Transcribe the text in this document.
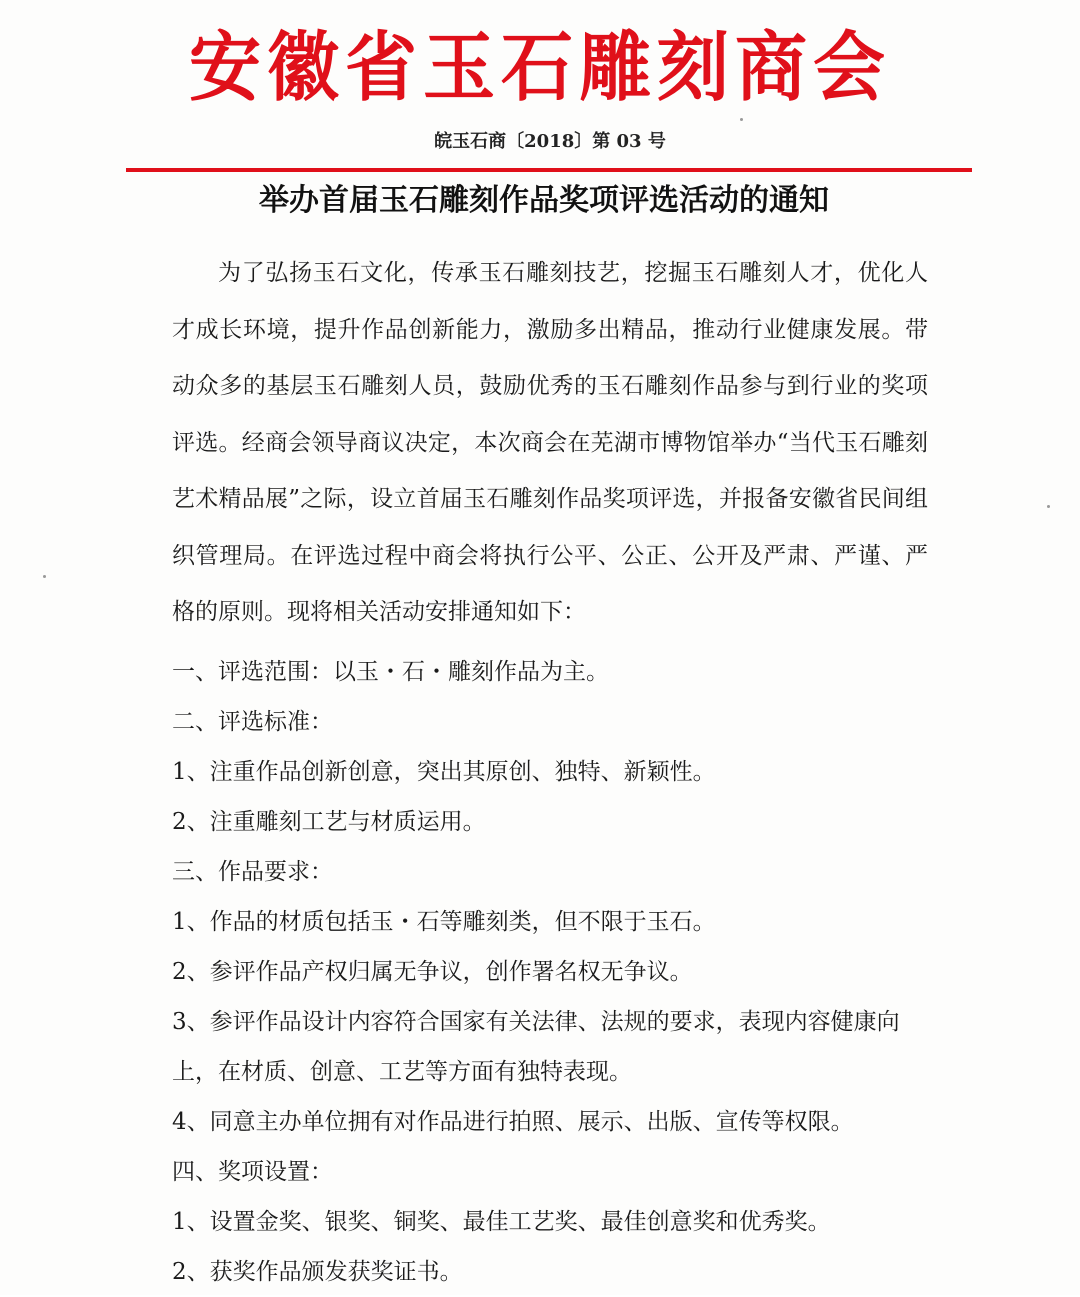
安徽省玉石雕刻商会
皖玉石商〔2018〕第 03 号
举办首届玉石雕刻作品奖项评选活动的通知

为了弘扬玉石文化，传承玉石雕刻技艺，挖掘玉石雕刻人才，优化人才成长环境，提升作品创新能力，激励多出精品，推动行业健康发展。带动众多的基层玉石雕刻人员，鼓励优秀的玉石雕刻作品参与到行业的奖项评选。经商会领导商议决定，本次商会在芜湖市博物馆举办“当代玉石雕刻艺术精品展”之际，设立首届玉石雕刻作品奖项评选，并报备安徽省民间组织管理局。在评选过程中商会将执行公平、公正、公开及严肃、严谨、严格的原则。现将相关活动安排通知如下：

一、评选范围：以玉・石・雕刻作品为主。

二、评选标准：

1、注重作品创新创意，突出其原创、独特、新颖性。

2、注重雕刻工艺与材质运用。

三、作品要求：

1、作品的材质包括玉・石等雕刻类，但不限于玉石。

2、参评作品产权归属无争议，创作署名权无争议。

3、参评作品设计内容符合国家有关法律、法规的要求，表现内容健康向上，在材质、创意、工艺等方面有独特表现。

4、同意主办单位拥有对作品进行拍照、展示、出版、宣传等权限。

四、奖项设置：

1、设置金奖、银奖、铜奖、最佳工艺奖、最佳创意奖和优秀奖。

2、获奖作品颁发获奖证书。
